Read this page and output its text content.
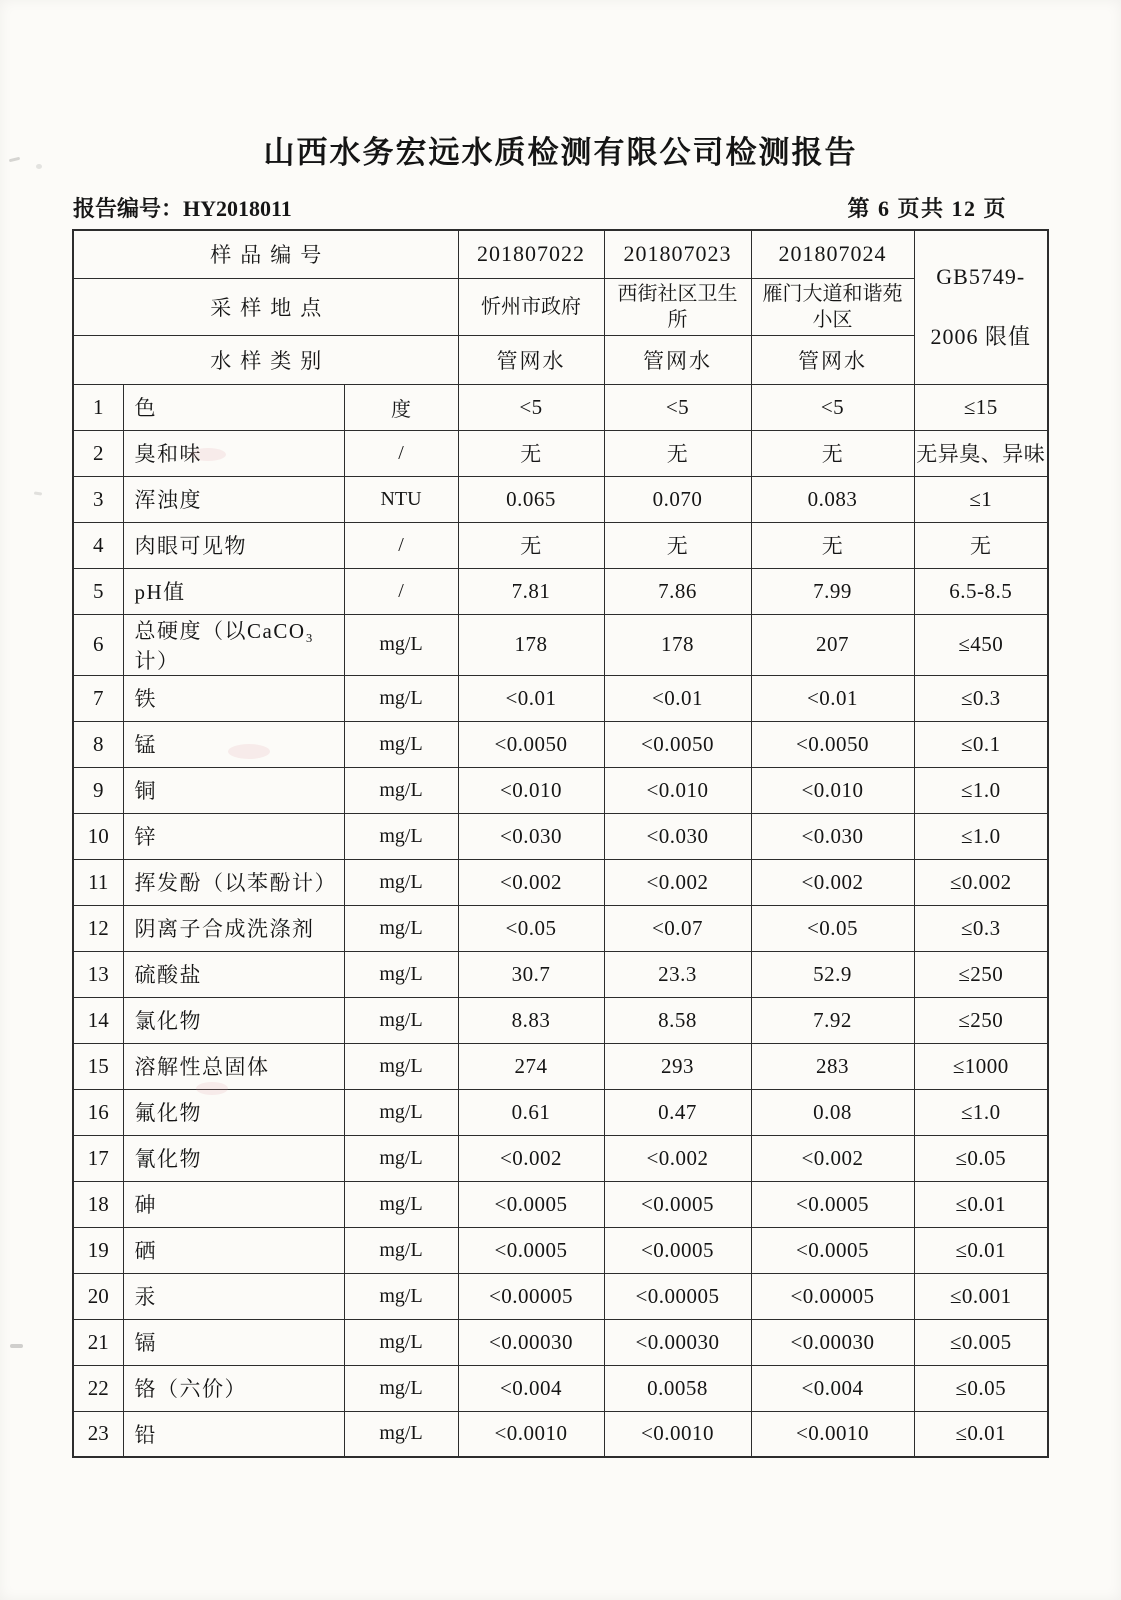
山西水务宏远水质检测有限公司检测报告
报告编号：HY2018011	第 6 页共 12 页
样品编号			201807022	201807023	201807024	GB5749-
2006 限值

采样地点			忻州市政府	西街社区卫生所	雁门大道和谐苑小区	
水样类别			管网水	管网水	管网水	
1	色	度	<5	<5	<5	≤15
2	臭和味	/	无	无	无	无异臭、异味
3	浑浊度	NTU	0.065	0.070	0.083	≤1
4	肉眼可见物	/	无	无	无	无
5	pH值	/	7.81	7.86	7.99	6.5-8.5
6	总硬度（以CaCO₃计）	mg/L	178	178	207	≤450
7	铁	mg/L	<0.01	<0.01	<0.01	≤0.3
8	锰	mg/L	<0.0050	<0.0050	<0.0050	≤0.1
9	铜	mg/L	<0.010	<0.010	<0.010	≤1.0
10	锌	mg/L	<0.030	<0.030	<0.030	≤1.0
11	挥发酚（以苯酚计）	mg/L	<0.002	<0.002	<0.002	≤0.002
12	阴离子合成洗涤剂	mg/L	<0.05	<0.07	<0.05	≤0.3
13	硫酸盐	mg/L	30.7	23.3	52.9	≤250
14	氯化物	mg/L	8.83	8.58	7.92	≤250
15	溶解性总固体	mg/L	274	293	283	≤1000
16	氟化物	mg/L	0.61	0.47	0.08	≤1.0
17	氰化物	mg/L	<0.002	<0.002	<0.002	≤0.05
18	砷	mg/L	<0.0005	<0.0005	<0.0005	≤0.01
19	硒	mg/L	<0.0005	<0.0005	<0.0005	≤0.01
20	汞	mg/L	<0.00005	<0.00005	<0.00005	≤0.001
21	镉	mg/L	<0.00030	<0.00030	<0.00030	≤0.005
22	铬（六价）	mg/L	<0.004	0.0058	<0.004	≤0.05
23	铅	mg/L	<0.0010	<0.0010	<0.0010	≤0.01
